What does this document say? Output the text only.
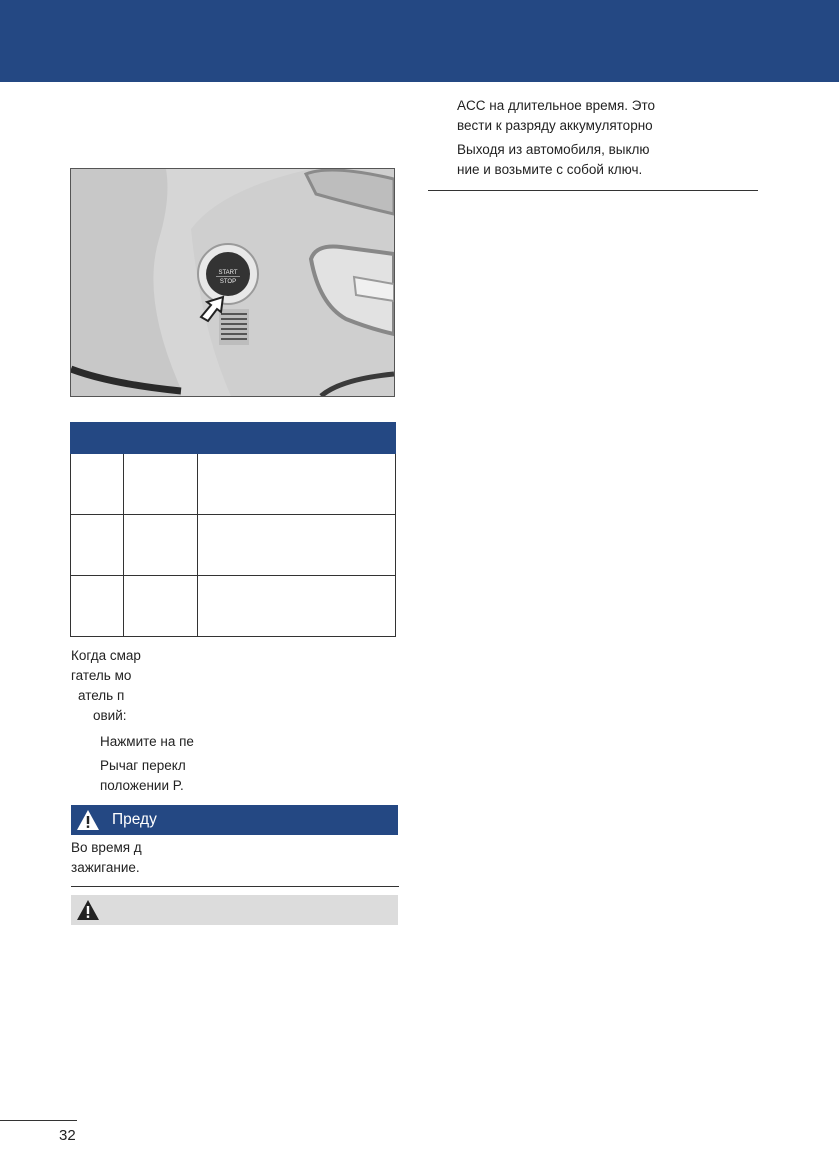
ACC на длительное время. Это
вести к разряду аккумуляторно

Выходя из автомобиля, выклю
ние и возьмите с собой ключ.

START
STOP

Когда смар
гатель мо
атель п
овий:

Нажмите на пе

Рычаг перекл
положении P.

Преду

Во время д
зажигание.

32
